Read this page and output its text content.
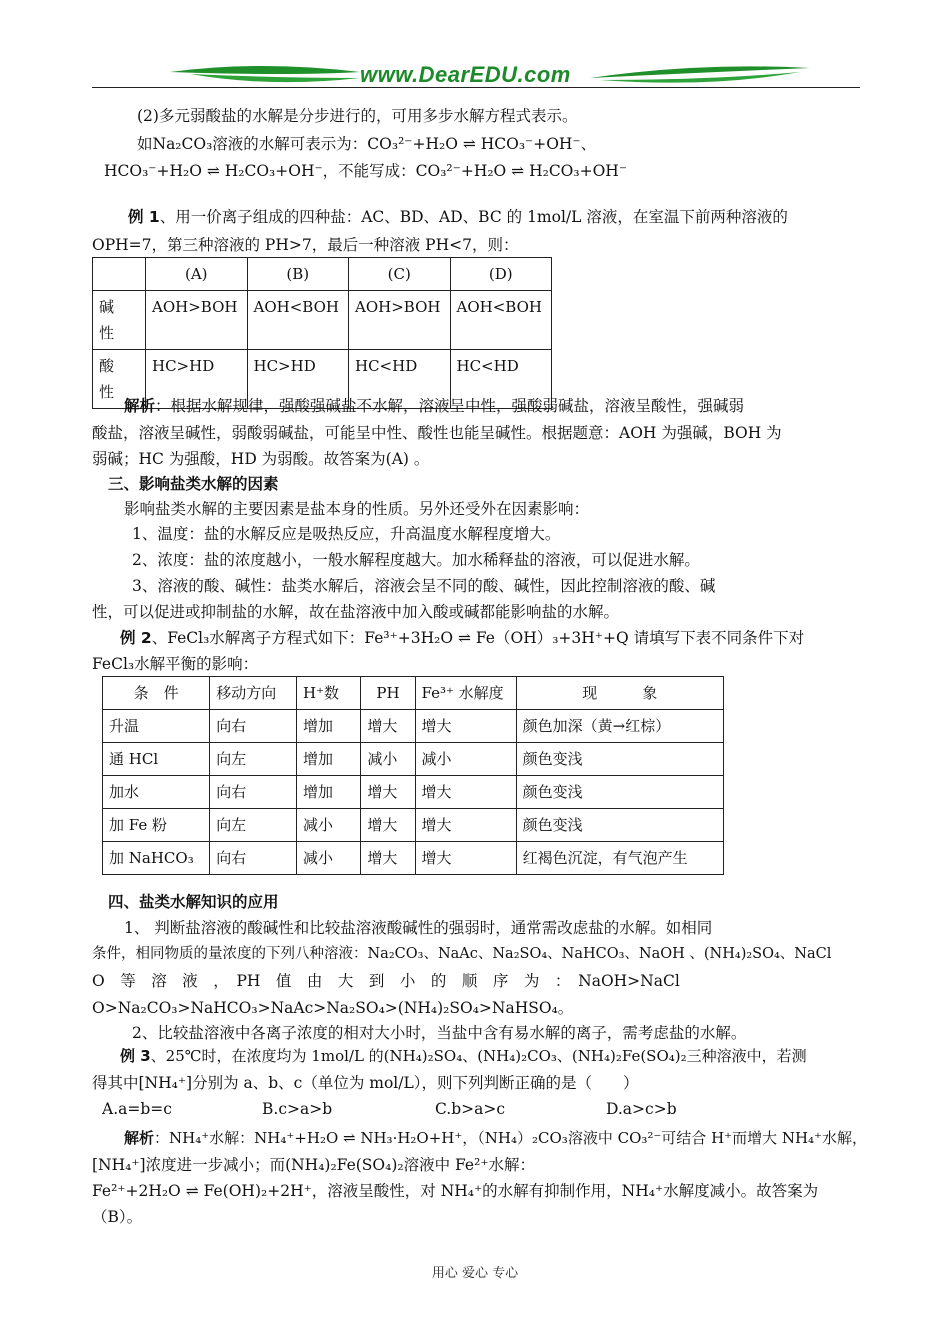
www.DearEDU.com
(2)多元弱酸盐的水解是分步进行的，可用多步水解方程式表示。
如Na₂CO₃溶液的水解可表示为：CO₃²⁻+H₂O ⇌ HCO₃⁻+OH⁻、
HCO₃⁻+H₂O ⇌ H₂CO₃+OH⁻，不能写成：CO₃²⁻+H₂O ⇌ H₂CO₃+OH⁻
例 1、用一价离子组成的四种盐：AC、BD、AD、BC 的 1mol/L 溶液，在室温下前两种溶液的
OPH=7，第三种溶液的 PH>7，最后一种溶液 PH<7，则：
	(A)	(B)	(C)	(D)
碱
性	AOH>BOH	AOH<BOH	AOH>BOH	AOH<BOH
酸
性	HC>HD	HC>HD	HC<HD	HC<HD
解析：根据水解规律，强酸强碱盐不水解，溶液呈中性，强酸弱碱盐，溶液呈酸性，强碱弱
酸盐，溶液呈碱性，弱酸弱碱盐，可能呈中性、酸性也能呈碱性。根据题意：AOH 为强碱，BOH 为
弱碱；HC 为强酸，HD 为弱酸。故答案为(A) 。
三、影响盐类水解的因素
影响盐类水解的主要因素是盐本身的性质。另外还受外在因素影响：
1、温度：盐的水解反应是吸热反应，升高温度水解程度增大。
2、浓度：盐的浓度越小，一般水解程度越大。加水稀释盐的溶液，可以促进水解。
3、溶液的酸、碱性：盐类水解后，溶液会呈不同的酸、碱性，因此控制溶液的酸、碱
性，可以促进或抑制盐的水解，故在盐溶液中加入酸或碱都能影响盐的水解。
例 2、FeCl₃水解离子方程式如下：Fe³⁺+3H₂O ⇌ Fe（OH）₃+3H⁺+Q 请填写下表不同条件下对
FeCl₃水解平衡的影响：
条　件	移动方向	H⁺数	PH	Fe³⁺ 水解度	现　　　象
升温	向右	增加	增大	增大	颜色加深（黄→红棕）
通 HCl	向左	增加	减小	减小	颜色变浅
加水	向右	增加	增大	增大	颜色变浅
加 Fe 粉	向左	减小	增大	增大	颜色变浅
加 NaHCO₃	向右	减小	增大	增大	红褐色沉淀，有气泡产生
四、盐类水解知识的应用
1、 判断盐溶液的酸碱性和比较盐溶液酸碱性的强弱时，通常需改虑盐的水解。如相同
条件，相同物质的量浓度的下列八种溶液：Na₂CO₃、NaAc、Na₂SO₄、NaHCO₃、NaOH 、(NH₄)₂SO₄、NaCl
O　等　溶　液　，　PH　值　由　大　到　小　的　顺　序　为　：　NaOH>NaCl
O>Na₂CO₃>NaHCO₃>NaAc>Na₂SO₄>(NH₄)₂SO₄>NaHSO₄。
2、比较盐溶液中各离子浓度的相对大小时，当盐中含有易水解的离子，需考虑盐的水解。
例 3、25℃时，在浓度均为 1mol/L 的(NH₄)₂SO₄、(NH₄)₂CO₃、(NH₄)₂Fe(SO₄)₂三种溶液中，若测
得其中[NH₄⁺]分别为 a、b、c（单位为 mol/L），则下列判断正确的是（　　）
A.a=b=c	B.c>a>b	C.b>a>c	D.a>c>b
解析：NH₄⁺水解：NH₄⁺+H₂O ⇌ NH₃·H₂O+H⁺，（NH₄）₂CO₃溶液中 CO₃²⁻可结合 H⁺而增大 NH₄⁺水解，
[NH₄⁺]浓度进一步减小；而(NH₄)₂Fe(SO₄)₂溶液中 Fe²⁺水解：
Fe²⁺+2H₂O ⇌ Fe(OH)₂+2H⁺，溶液呈酸性，对 NH₄⁺的水解有抑制作用，NH₄⁺水解度减小。故答案为
（B）。
用心 爱心 专心
